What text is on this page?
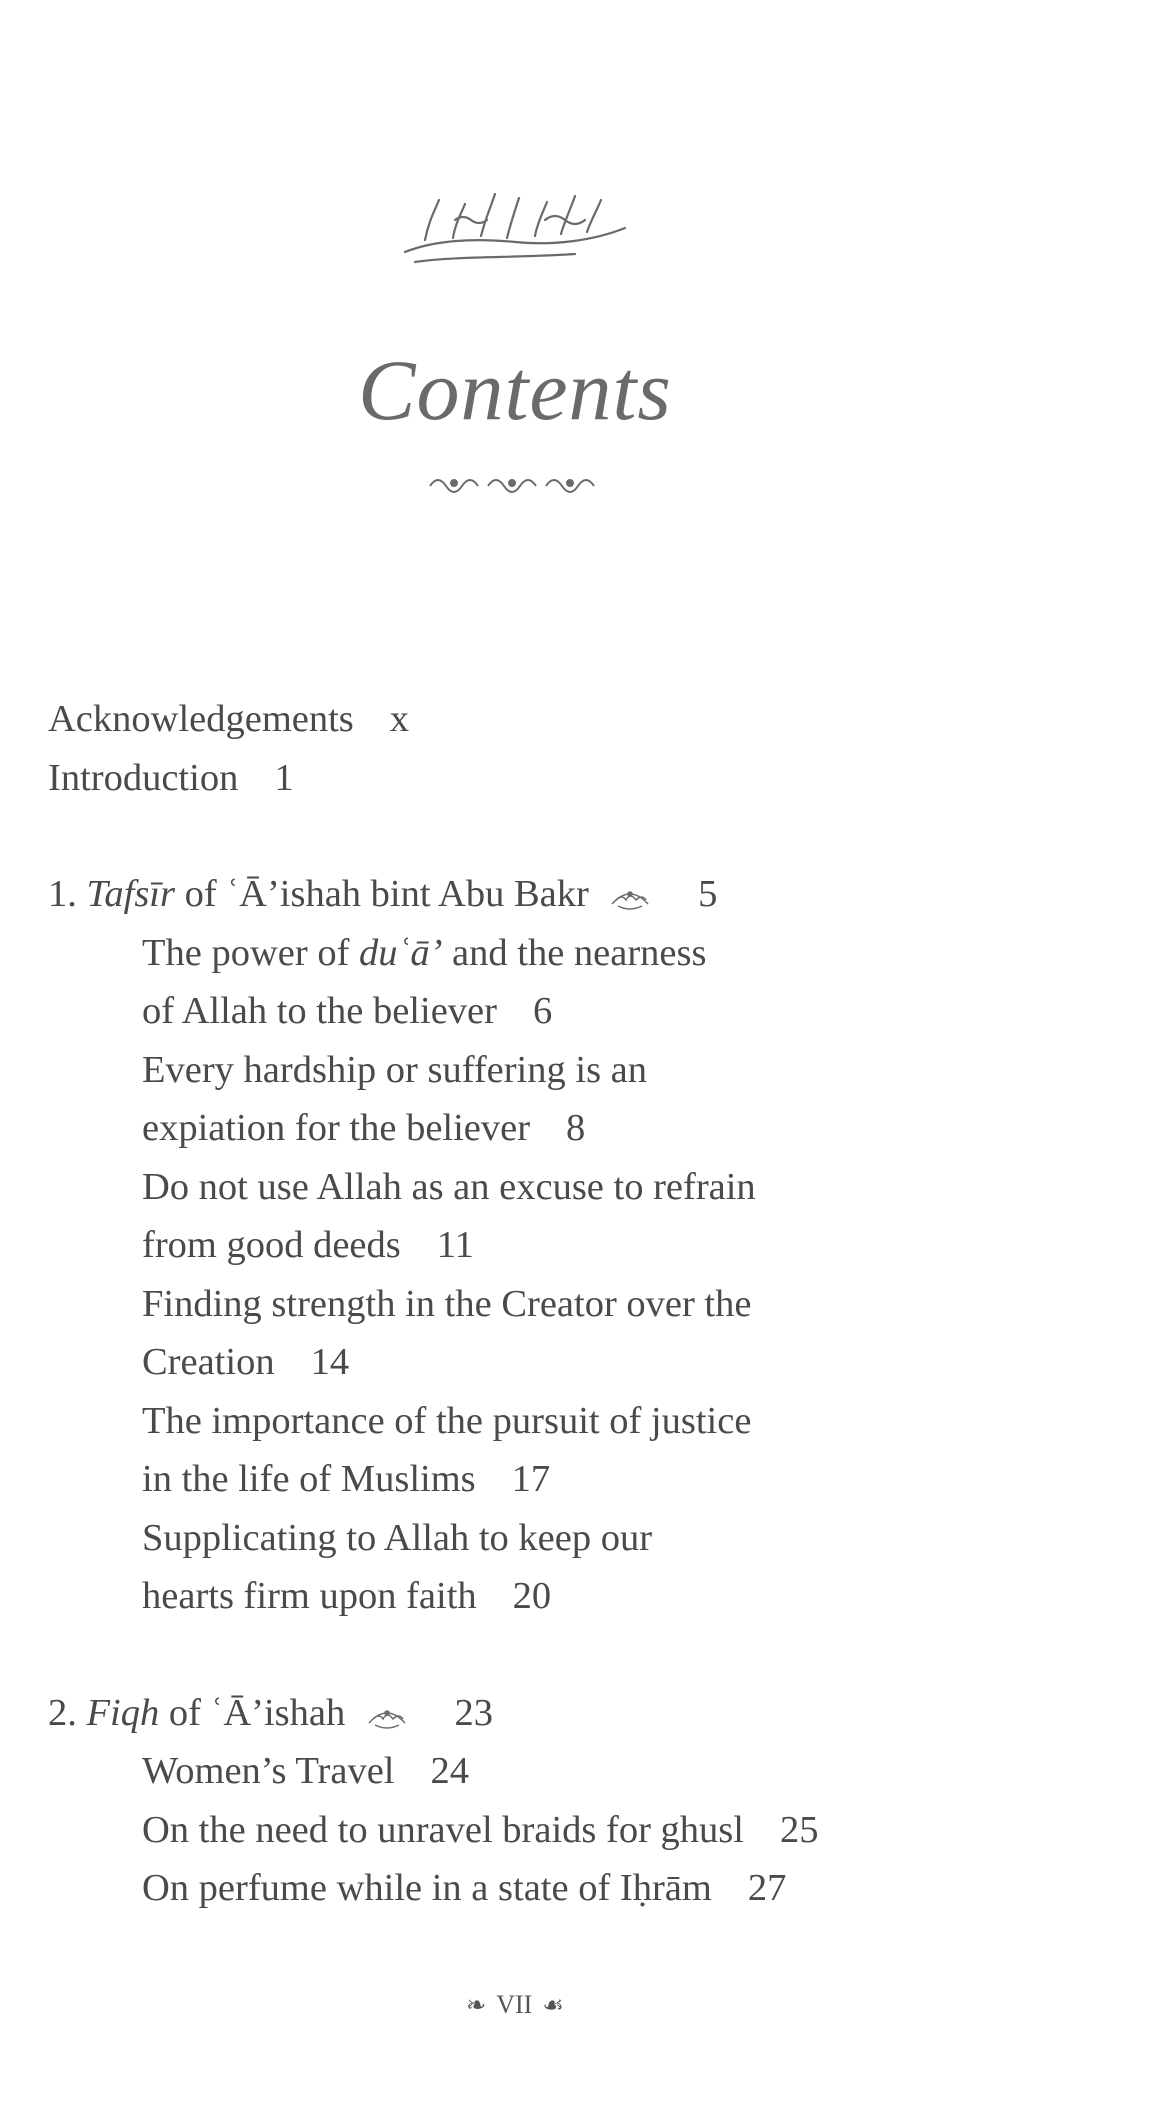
Contents
Acknowledgements x
Introduction 1
1. Tafsīr of ʿĀ’ishah bint Abu Bakr	5
The power of duʿā’ and the nearness
of Allah to the believer 6
Every hardship or suffering is an
expiation for the believer 8
Do not use Allah as an excuse to refrain
from good deeds 11
Finding strength in the Creator over the
Creation 14
The importance of the pursuit of justice
in the life of Muslims 17
Supplicating to Allah to keep our
hearts firm upon faith 20
2. Fiqh of ʿĀ’ishah	23
Women’s Travel 24
On the need to unravel braids for ghusl 25
On perfume while in a state of Iḥrām 27
❧ VII ☙
